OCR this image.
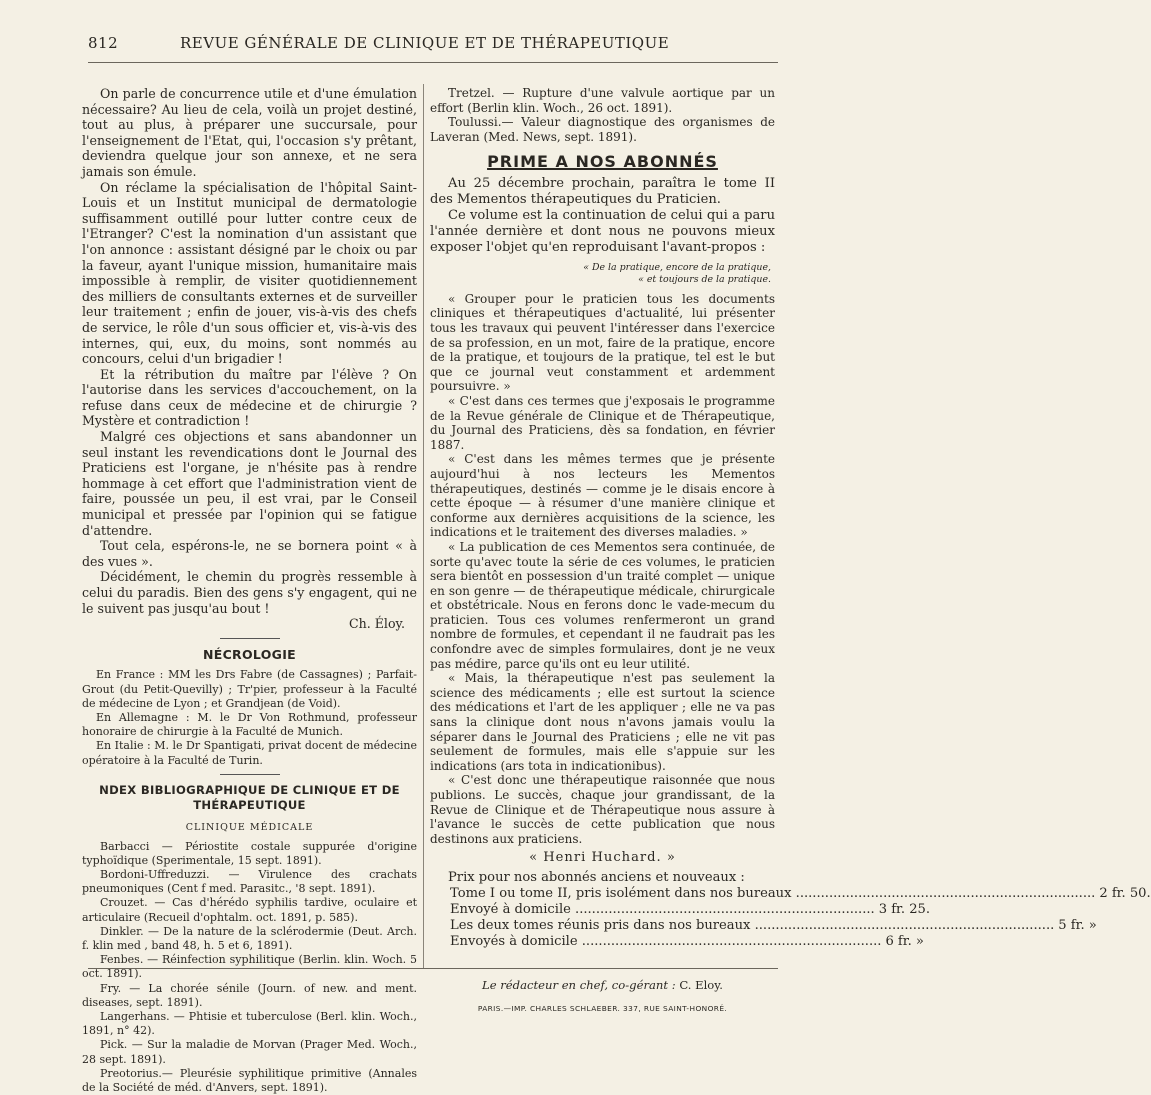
812	REVUE GÉNÉRALE DE CLINIQUE ET DE THÉRAPEUTIQUE

On parle de concurrence utile et d'une émulation nécessaire? Au lieu de cela, voilà un projet destiné, tout au plus, à préparer une succursale, pour l'enseignement de l'Etat, qui, l'occasion s'y prêtant, deviendra quelque jour son annexe, et ne sera jamais son émule.

On réclame la spécialisation de l'hôpital Saint-Louis et un Institut municipal de dermatologie suffisamment outillé pour lutter contre ceux de l'Etranger? C'est la nomination d'un assistant que l'on annonce : assistant désigné par le choix ou par la faveur, ayant l'unique mission, humanitaire mais impossible à remplir, de visiter quotidiennement des milliers de consultants externes et de surveiller leur traitement ; enfin de jouer, vis-à-vis des chefs de service, le rôle d'un sous officier et, vis-à-vis des internes, qui, eux, du moins, sont nommés au concours, celui d'un brigadier !

Et la rétribution du maître par l'élève ? On l'autorise dans les services d'accouchement, on la refuse dans ceux de médecine et de chirurgie ? Mystère et contradiction !

Malgré ces objections et sans abandonner un seul instant les revendications dont le Journal des Praticiens est l'organe, je n'hésite pas à rendre hommage à cet effort que l'administration vient de faire, poussée un peu, il est vrai, par le Conseil municipal et pressée par l'opinion qui se fatigue d'attendre.

Tout cela, espérons-le, ne se bornera point « à des vues ».

Décidément, le chemin du progrès ressemble à celui du paradis. Bien des gens s'y engagent, qui ne le suivent pas jusqu'au bout !

Ch. Éloy.
NÉCROLOGIE

En France : MM les Drs Fabre (de Cassagnes) ; Parfait-Grout (du Petit-Quevilly) ; Tr'pier, professeur à la Faculté de médecine de Lyon ; et Grandjean (de Void).

En Allemagne : M. le Dr Von Rothmund, professeur honoraire de chirurgie à la Faculté de Munich.

En Italie : M. le Dr Spantigati, privat docent de médecine opératoire à la Faculté de Turin.

NDEX BIBLIOGRAPHIQUE DE CLINIQUE ET DE THÉRAPEUTIQUE
CLINIQUE MÉDICALE

Barbacci — Périostite costale suppurée d'origine typhoïdique (Sperimentale, 15 sept. 1891).

Bordoni-Uffreduzzi. — Virulence des crachats pneumoniques (Cent f med. Parasitc., '8 sept. 1891).

Crouzet. — Cas d'hérédo syphilis tardive, oculaire et articulaire (Recueil d'ophtalm. oct. 1891, p. 585).

Dinkler. — De la nature de la sclérodermie (Deut. Arch. f. klin med , band 48, h. 5 et 6, 1891).

Fenbes. — Réinfection syphilitique (Berlin. klin. Woch. 5 oct. 1891).

Fry. — La chorée sénile (Journ. of new. and ment. diseases, sept. 1891).

Langerhans. — Phtisie et tuberculose (Berl. klin. Woch., 1891, n° 42).

Pick. — Sur la maladie de Morvan (Prager Med. Woch., 28 sept. 1891).

Preotorius.— Pleurésie syphilitique primitive (Annales de la Société de méd. d'Anvers, sept. 1891).

Tretzel. — Rupture d'une valvule aortique par un effort (Berlin klin. Woch., 26 oct. 1891).

Toulussi.— Valeur diagnostique des organismes de Laveran (Med. News, sept. 1891).

PRIME A NOS ABONNÉS

Au 25 décembre prochain, paraîtra le tome II des Mementos thérapeutiques du Praticien.

Ce volume est la continuation de celui qui a paru l'année dernière et dont nous ne pouvons mieux exposer l'objet qu'en reproduisant l'avant-propos :

« De la pratique, encore de la pratique,
« et toujours de la pratique.

« Grouper pour le praticien tous les documents cliniques et thérapeutiques d'actualité, lui présenter tous les travaux qui peuvent l'intéresser dans l'exercice de sa profession, en un mot, faire de la pratique, encore de la pratique, et toujours de la pratique, tel est le but que ce journal veut constamment et ardemment poursuivre. »

« C'est dans ces termes que j'exposais le programme de la Revue générale de Clinique et de Thérapeutique, du Journal des Praticiens, dès sa fondation, en février 1887.

« C'est dans les mêmes termes que je présente aujourd'hui à nos lecteurs les Mementos thérapeutiques, destinés — comme je le disais encore à cette époque — à résumer d'une manière clinique et conforme aux dernières acquisitions de la science, les indications et le traitement des diverses maladies. »

« La publication de ces Mementos sera continuée, de sorte qu'avec toute la série de ces volumes, le praticien sera bientôt en possession d'un traité complet — unique en son genre — de thérapeutique médicale, chirurgicale et obstétricale. Nous en ferons donc le vade-mecum du praticien. Tous ces volumes renfermeront un grand nombre de formules, et cependant il ne faudrait pas les confondre avec de simples formulaires, dont je ne veux pas médire, parce qu'ils ont eu leur utilité.

« Mais, la thérapeutique n'est pas seulement la science des médicaments ; elle est surtout la science des médications et l'art de les appliquer ; elle ne va pas sans la clinique dont nous n'avons jamais voulu la séparer dans le Journal des Praticiens ; elle ne vit pas seulement de formules, mais elle s'appuie sur les indications (ars tota in indicationibus).

« C'est donc une thérapeutique raisonnée que nous publions. Le succès, chaque jour grandissant, de la Revue de Clinique et de Thérapeutique nous assure à l'avance le succès de cette publication que nous destinons aux praticiens.

« Henri Huchard. »

Prix pour nos abonnés anciens et nouveaux :

Tome I ou tome II, pris isolément dans nos bureaux .....	2 fr. 50.
Envoyé à domicile .....	3 fr. 25.
Les deux tomes réunis pris dans nos bureaux .....	5 fr. »
Envoyés à domicile .....	6 fr. »
Le rédacteur en chef, co-gérant : C. Eloy.
PARIS.—IMP. CHARLES SCHLAEBER. 337, RUE SAINT-HONORÉ.
